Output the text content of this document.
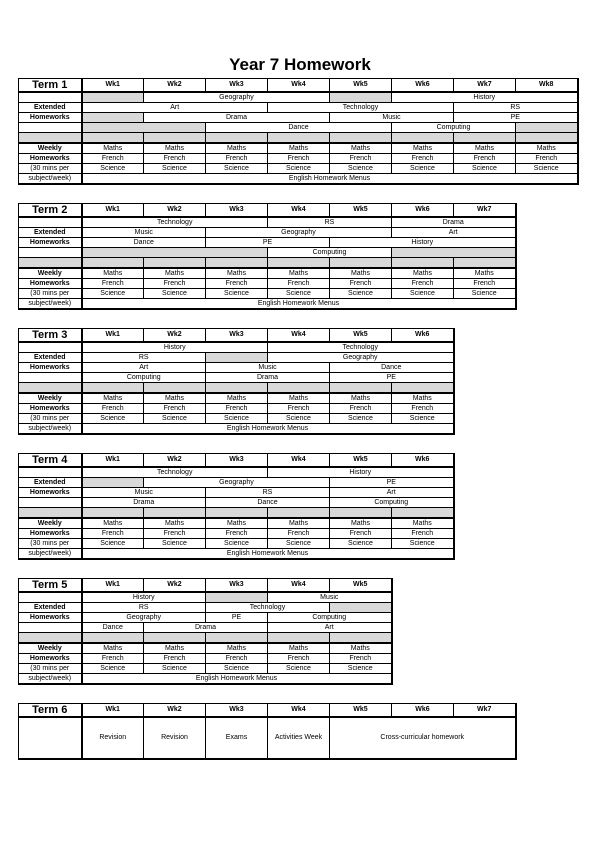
Year 7 Homework
Term 1	Wk1	Wk2	Wk3	Wk4	Wk5	Wk6	Wk7	Wk8
		Geography				History		
Extended	Art			Technology			RS	
Homeworks		Drama			Music		PE	
			Dance			Computing		

Weekly	Maths	Maths	Maths	Maths	Maths	Maths	Maths	Maths
Homeworks	French	French	French	French	French	French	French	French
(30 mins per	Science	Science	Science	Science	Science	Science	Science	Science
subject/week)	English Homework Menus							
Term 2	Wk1	Wk2	Wk3	Wk4	Wk5	Wk6	Wk7
	Technology			RS		Drama	
Extended	Music		Geography			Art	
Homeworks	Dance		PE		History		
				Computing			

Weekly	Maths	Maths	Maths	Maths	Maths	Maths	Maths
Homeworks	French	French	French	French	French	French	French
(30 mins per	Science	Science	Science	Science	Science	Science	Science
subject/week)	English Homework Menus						
Term 3	Wk1	Wk2	Wk3	Wk4	Wk5	Wk6
	History			Technology		
Extended	RS			Geography		
Homeworks	Art		Music		Dance	
	Computing		Drama		PE	

Weekly	Maths	Maths	Maths	Maths	Maths	Maths
Homeworks	French	French	French	French	French	French
(30 mins per	Science	Science	Science	Science	Science	Science
subject/week)	English Homework Menus					
Term 4	Wk1	Wk2	Wk3	Wk4	Wk5	Wk6
	Technology			History		
Extended		Geography			PE	
Homeworks	Music		RS		Art	
	Drama		Dance		Computing	

Weekly	Maths	Maths	Maths	Maths	Maths	Maths
Homeworks	French	French	French	French	French	French
(30 mins per	Science	Science	Science	Science	Science	Science
subject/week)	English Homework Menus					
Term 5	Wk1	Wk2	Wk3	Wk4	Wk5
	History			Music	
Extended	RS		Technology		
Homeworks	Geography		PE	Computing	
	Dance	Drama		Art	

Weekly	Maths	Maths	Maths	Maths	Maths
Homeworks	French	French	French	French	French
(30 mins per	Science	Science	Science	Science	Science
subject/week)	English Homework Menus				
Term 6	Wk1	Wk2	Wk3	Wk4	Wk5	Wk6	Wk7
	Revision	Revision	Exams	Activities Week	Cross-curricular homework		
